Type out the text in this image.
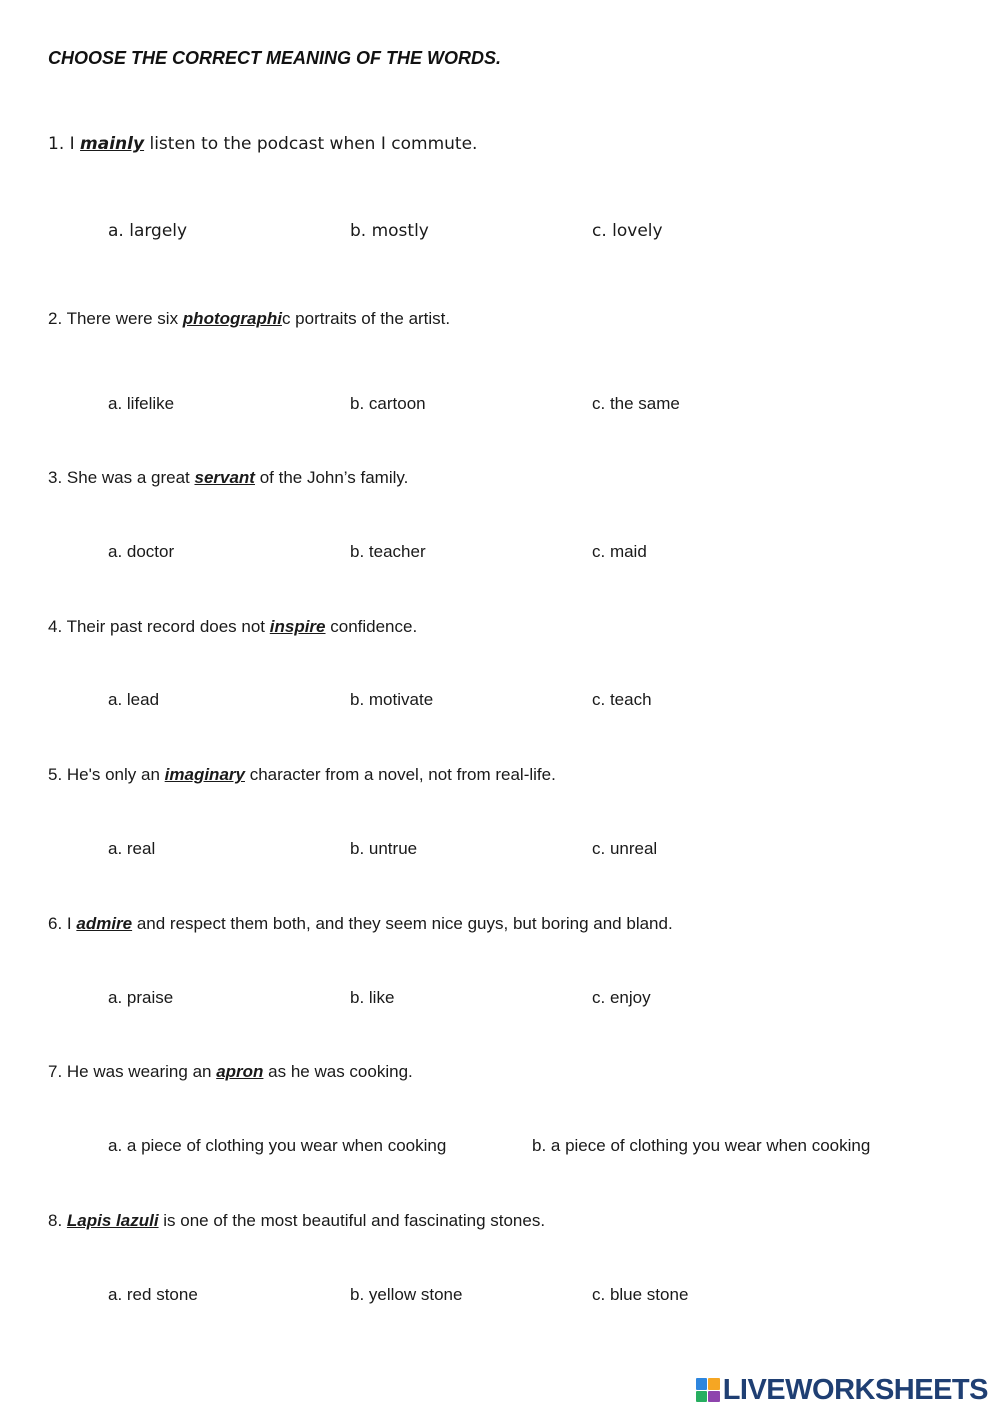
CHOOSE THE CORRECT MEANING OF THE WORDS.
1. I mainly listen to the podcast when I commute.
a. largely	b. mostly	c. lovely
2. There were six photographic portraits of the artist.
a. lifelike	b. cartoon	c. the same
3. She was a great servant of the John’s family.
a. doctor	b. teacher	c. maid
4. Their past record does not inspire confidence.
a. lead	b. motivate	c. teach
5. He's only an imaginary character from a novel, not from real-life.
a. real	b. untrue	c. unreal
6. I admire and respect them both, and they seem nice guys, but boring and bland.
a. praise	b. like	c. enjoy
7. He was wearing an apron as he was cooking.
a. a piece of clothing you wear when cooking	b. a piece of clothing you wear when cooking
8. Lapis lazuli is one of the most beautiful and fascinating stones.
a. red stone	b. yellow stone	c. blue stone
LIVEWORKSHEETS
